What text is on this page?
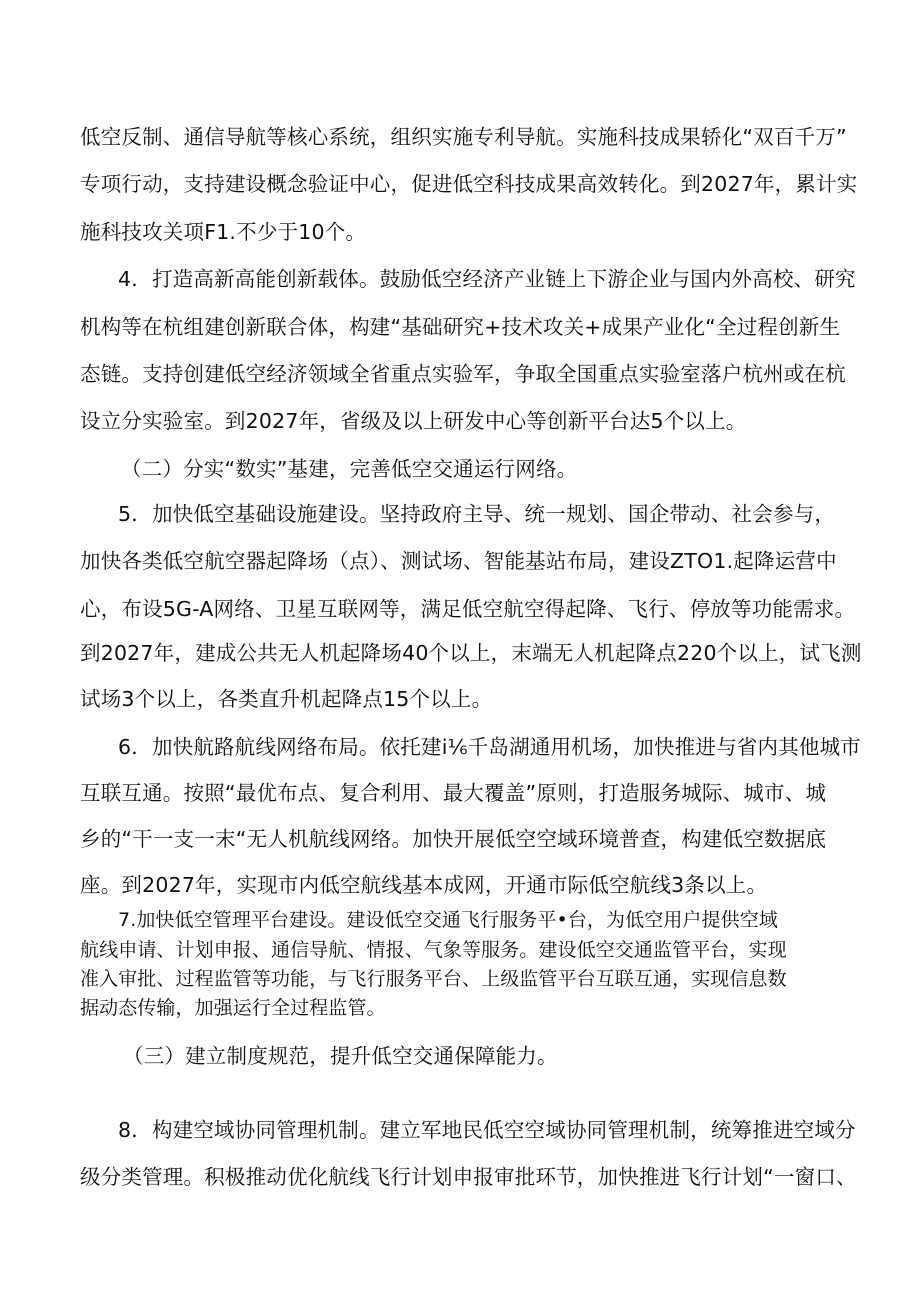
低空反制、通信导航等核心系统，组织实施专利导航。实施科技成果轿化“双百千万”
专项行动，支持建设概念验证中心，促进低空科技成果高效转化。到2027年，累计实
施科技攻关项F1.不少于10个。
4．打造高新高能创新载体。鼓励低空经济产业链上下游企业与国内外高校、研究
机构等在杭组建创新联合体，构建“基础研究+技术攻关+成果产业化“全过程创新生
态链。支持创建低空经济领域全省重点实验军，争取全国重点实验室落户杭州或在杭
设立分实验室。到2027年，省级及以上研发中心等创新平台达5个以上。
（二）分实“数实”基建，完善低空交通运行网络。
5．加快低空基础设施建设。坚持政府主导、统一规划、国企带动、社会参与，
加快各类低空航空器起降场（点）、测试场、智能基站布局，建设ZTO1.起降运营中
心，布设5G-A网络、卫星互联网等，满足低空航空得起降、飞行、停放等功能需求。
到2027年，建成公共无人机起降场40个以上，末端无人机起降点220个以上，试飞测
试场3个以上，各类直升机起降点15个以上。
6．加快航路航线网络布局。依托建i⅙千岛湖通用机场，加快推进与省内其他城市
互联互通。按照“最优布点、复合利用、最大覆盖”原则，打造服务城际、城市、城
乡的“干一支一末“无人机航线网络。加快开展低空空域环境普查，构建低空数据底
座。到2027年，实现市内低空航线基本成网，开通市际低空航线3条以上。
7.加快低空管理平台建设。建设低空交通飞行服务平•台，为低空用户提供空域
航线申请、计划申报、通信导航、情报、气象等服务。建设低空交通监管平台，实现
准入审批、过程监管等功能，与飞行服务平台、上级监管平台互联互通，实现信息数
据动态传输，加强运行全过程监管。
（三）建立制度规范，提升低空交通保障能力。
8．构建空域协同管理机制。建立军地民低空空域协同管理机制，统筹推进空域分
级分类管理。积极推动优化航线飞行计划申报审批环节，加快推进飞行计划“一窗口、
